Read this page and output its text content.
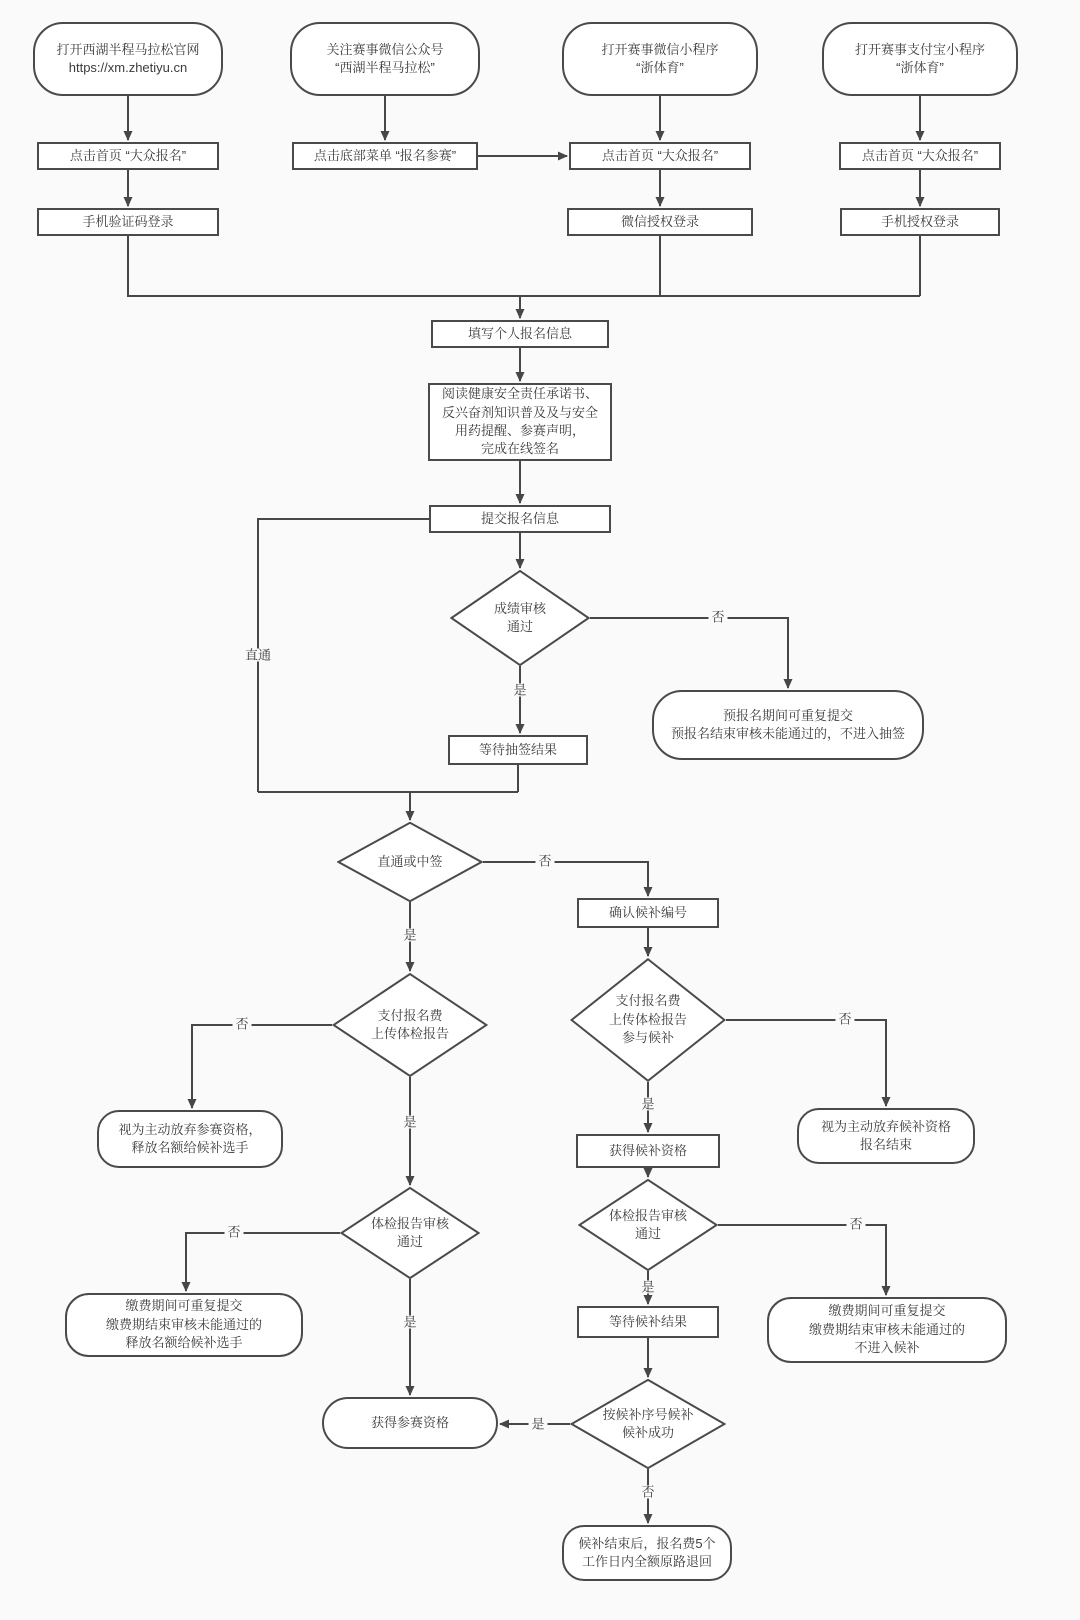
打开西湖半程马拉松官网
https://xm.zhetiyu.cn
关注赛事微信公众号
“西湖半程马拉松”
打开赛事微信小程序
“浙体育”
打开赛事支付宝小程序
“浙体育”
点击首页 “大众报名”	点击底部菜单 “报名参赛”	点击首页 “大众报名”	点击首页 “大众报名”
手机验证码登录	微信授权登录	手机授权登录
填写个人报名信息
阅读健康安全责任承诺书、
反兴奋剂知识普及及与安全
用药提醒、参赛声明，
完成在线签名
提交报名信息
成绩审核
通过
等待抽签结果
预报名期间可重复提交
预报名结束审核未能通过的，不进入抽签
直通或中签
确认候补编号
支付报名费
上传体检报告
支付报名费
上传体检报告
参与候补
视为主动放弃参赛资格，
释放名额给候补选手	获得候补资格
视为主动放弃候补资格
报名结束
体检报告审核
通过
体检报告审核
通过
缴费期间可重复提交
缴费期结束审核未能通过的
释放名额给候补选手
等待候补结果
缴费期间可重复提交
缴费期结束审核未能通过的
不进入候补
按候补序号候补
候补成功
获得参赛资格
候补结束后，报名费5个
工作日内全额原路退回
直通
否
是
否
是
否	否
是
是
否
否
是
是
是
否
